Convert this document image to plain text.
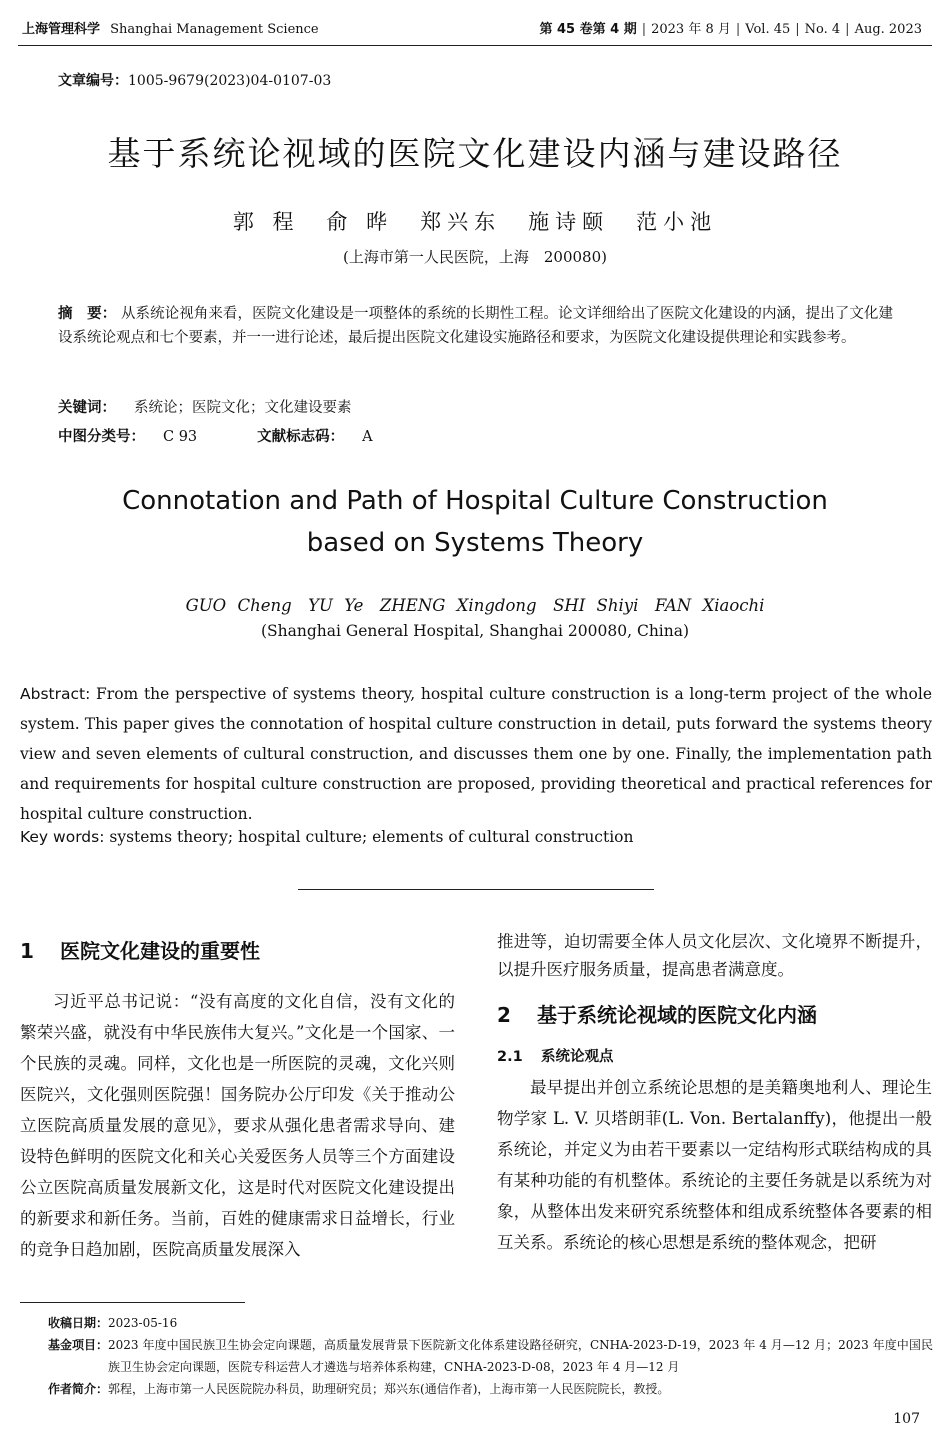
上海管理科学 Shanghai Management Science	第 45 卷第 4 期 | 2023 年 8 月 | Vol. 45 | No. 4 | Aug. 2023
文章编号：1005-9679(2023)04-0107-03
基于系统论视域的医院文化建设内涵与建设路径
郭 程　俞 晔　郑兴东　施诗颐　范小池
(上海市第一人民医院，上海　200080)
摘　要： 从系统论视角来看，医院文化建设是一项整体的系统的长期性工程。论文详细给出了医院文化建设的内涵，提出了文化建设系统论观点和七个要素，并一一进行论述，最后提出医院文化建设实施路径和要求，为医院文化建设提供理论和实践参考。
关键词： 系统论；医院文化；文化建设要素
中图分类号： C 93	文献标志码： A
Connotation and Path of Hospital Culture Construction
based on Systems Theory
GUO Cheng　YU Ye　ZHENG Xingdong　SHI Shiyi　FAN Xiaochi
(Shanghai General Hospital, Shanghai 200080, China)
Abstract: From the perspective of systems theory, hospital culture construction is a long-term project of the whole system. This paper gives the connotation of hospital culture construction in detail, puts forward the systems theory view and seven elements of cultural construction, and discusses them one by one. Finally, the implementation path and requirements for hospital culture construction are proposed, providing theoretical and practical references for hospital culture construction.
Key words: systems theory; hospital culture; elements of cultural construction
1 医院文化建设的重要性

习近平总书记说：“没有高度的文化自信，没有文化的繁荣兴盛，就没有中华民族伟大复兴。”文化是一个国家、一个民族的灵魂。同样，文化也是一所医院的灵魂，文化兴则医院兴，文化强则医院强！国务院办公厅印发《关于推动公立医院高质量发展的意见》，要求从强化患者需求导向、建设特色鲜明的医院文化和关心关爱医务人员等三个方面建设公立医院高质量发展新文化，这是时代对医院文化建设提出的新要求和新任务。当前，百姓的健康需求日益增长，行业的竞争日趋加剧，医院高质量发展深入

推进等，迫切需要全体人员文化层次、文化境界不断提升，以提升医疗服务质量，提高患者满意度。

2 基于系统论视域的医院文化内涵
2.1 系统论观点

最早提出并创立系统论思想的是美籍奥地利人、理论生物学家 L. V. 贝塔朗菲(L. Von. Bertalanffy)，他提出一般系统论，并定义为由若干要素以一定结构形式联结构成的具有某种功能的有机整体。系统论的主要任务就是以系统为对象，从整体出发来研究系统整体和组成系统整体各要素的相互关系。系统论的核心思想是系统的整体观念，把研

收稿日期： 2023-05-16
基金项目： 2023 年度中国民族卫生协会定向课题，高质量发展背景下医院新文化体系建设路径研究，CNHA-2023-D-19，2023 年 4 月—12 月；2023 年度中国民族卫生协会定向课题，医院专科运营人才遴选与培养体系构建，CNHA-2023-D-08，2023 年 4 月—12 月
作者简介： 郭程，上海市第一人民医院院办科员，助理研究员；郑兴东(通信作者)，上海市第一人民医院院长，教授。
107
